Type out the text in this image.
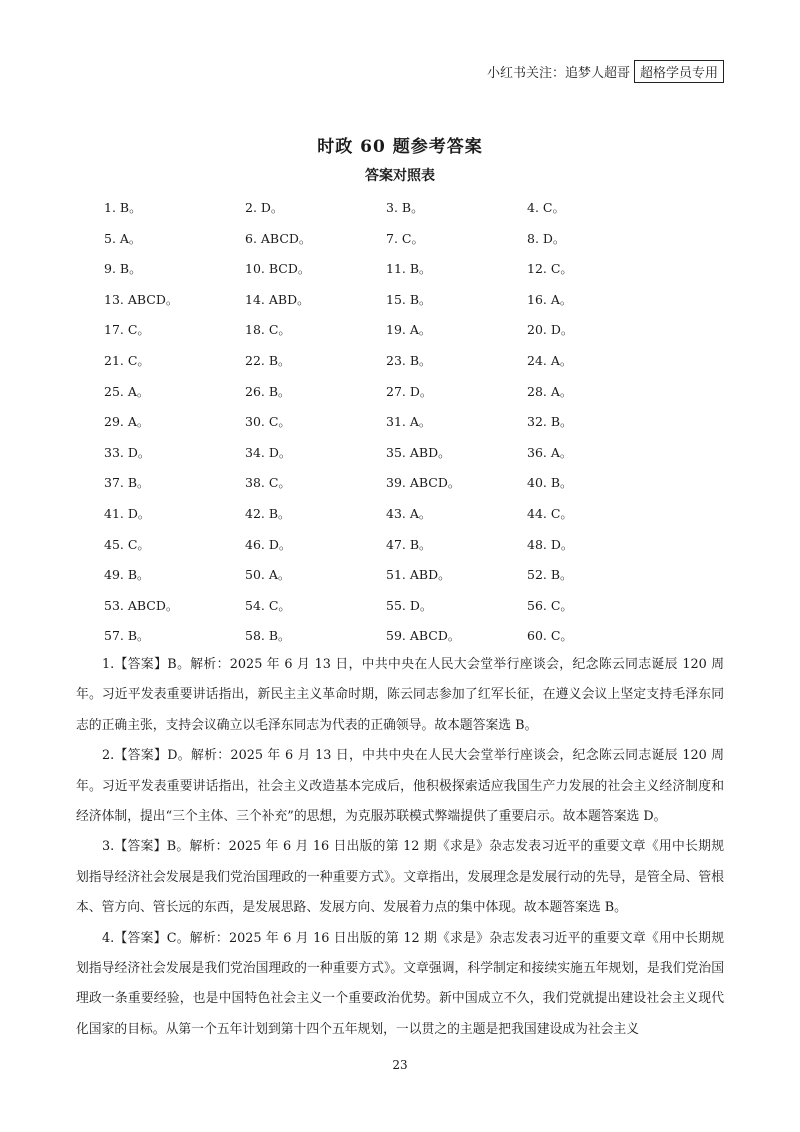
小红书关注：追梦人超哥 超格学员专用
时政 60 题参考答案
答案对照表
1. B。	2. D。	3. B。	4. C。
5. A。	6. ABCD。	7. C。	8. D。
9. B。	10. BCD。	11. B。	12. C。
13. ABCD。	14. ABD。	15. B。	16. A。
17. C。	18. C。	19. A。	20. D。
21. C。	22. B。	23. B。	24. A。
25. A。	26. B。	27. D。	28. A。
29. A。	30. C。	31. A。	32. B。
33. D。	34. D。	35. ABD。	36. A。
37. B。	38. C。	39. ABCD。	40. B。
41. D。	42. B。	43. A。	44. C。
45. C。	46. D。	47. B。	48. D。
49. B。	50. A。	51. ABD。	52. B。
53. ABCD。	54. C。	55. D。	56. C。
57. B。	58. B。	59. ABCD。	60. C。

1.【答案】B。解析：2025 年 6 月 13 日，中共中央在人民大会堂举行座谈会，纪念陈云同志诞辰 120 周年。习近平发表重要讲话指出，新民主主义革命时期，陈云同志参加了红军长征，在遵义会议上坚定支持毛泽东同志的正确主张，支持会议确立以毛泽东同志为代表的正确领导。故本题答案选 B。

2.【答案】D。解析：2025 年 6 月 13 日，中共中央在人民大会堂举行座谈会，纪念陈云同志诞辰 120 周年。习近平发表重要讲话指出，社会主义改造基本完成后，他积极探索适应我国生产力发展的社会主义经济制度和经济体制，提出“三个主体、三个补充”的思想，为克服苏联模式弊端提供了重要启示。故本题答案选 D。

3.【答案】B。解析：2025 年 6 月 16 日出版的第 12 期《求是》杂志发表习近平的重要文章《用中长期规划指导经济社会发展是我们党治国理政的一种重要方式》。文章指出，发展理念是发展行动的先导，是管全局、管根本、管方向、管长远的东西，是发展思路、发展方向、发展着力点的集中体现。故本题答案选 B。

4.【答案】C。解析：2025 年 6 月 16 日出版的第 12 期《求是》杂志发表习近平的重要文章《用中长期规划指导经济社会发展是我们党治国理政的一种重要方式》。文章强调，科学制定和接续实施五年规划，是我们党治国理政一条重要经验，也是中国特色社会主义一个重要政治优势。新中国成立不久，我们党就提出建设社会主义现代化国家的目标。从第一个五年计划到第十四个五年规划，一以贯之的主题是把我国建设成为社会主义

23
